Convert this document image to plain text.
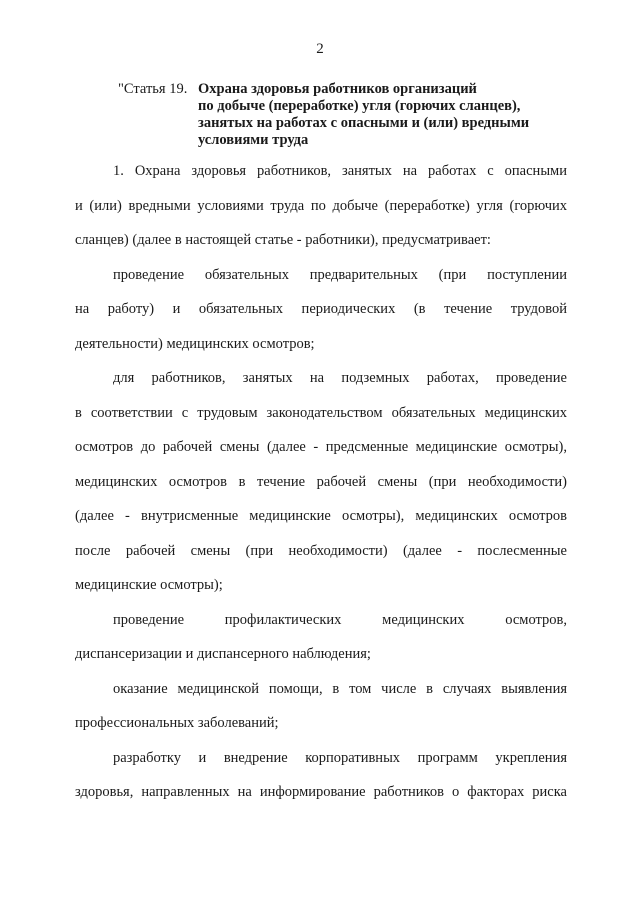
2
"Статья 19. Охрана здоровья работников организаций
по добыче (переработке) угля (горючих сланцев),
занятых на работах с опасными и (или) вредными
условиями труда

1. Охрана здоровья работников, занятых на работах с опасными
и (или) вредными условиями труда по добыче (переработке) угля (горючих
сланцев) (далее в настоящей статье - работники), предусматривает:

проведение обязательных предварительных (при поступлении
на работу) и обязательных периодических (в течение трудовой
деятельности) медицинских осмотров;

для работников, занятых на подземных работах, проведение
в соответствии с трудовым законодательством обязательных медицинских
осмотров до рабочей смены (далее - предсменные медицинские осмотры),
медицинских осмотров в течение рабочей смены (при необходимости)
(далее - внутрисменные медицинские осмотры), медицинских осмотров
после рабочей смены (при необходимости) (далее - послесменные
медицинские осмотры);

проведение профилактических медицинских осмотров,
диспансеризации и диспансерного наблюдения;

оказание медицинской помощи, в том числе в случаях выявления
профессиональных заболеваний;

разработку и внедрение корпоративных программ укрепления
здоровья, направленных на информирование работников о факторах риска
